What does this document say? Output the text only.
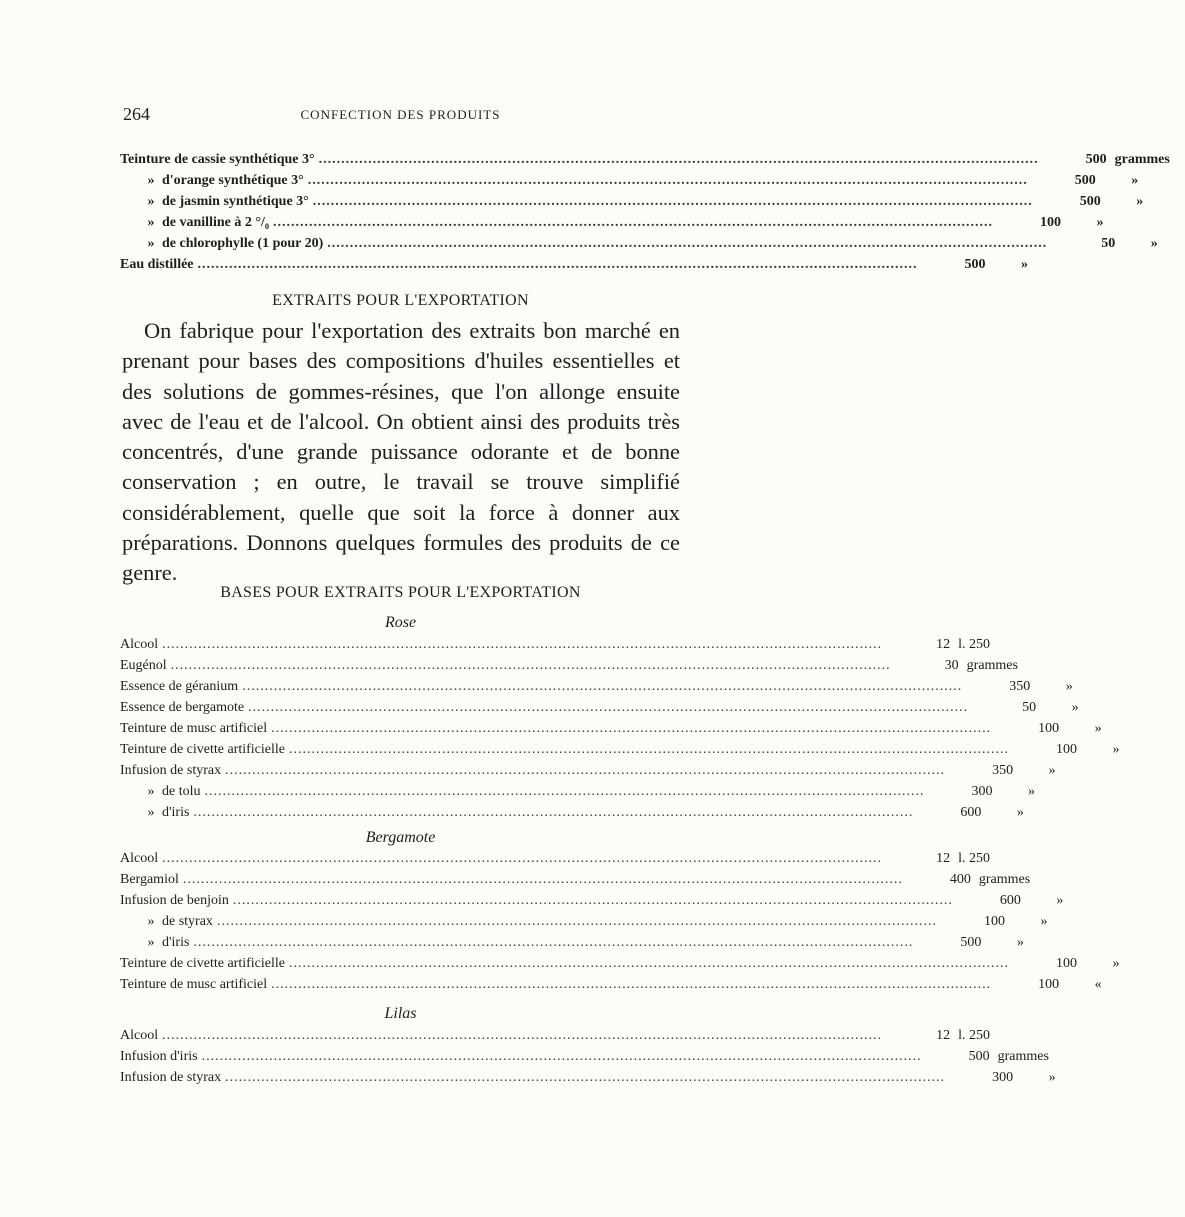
264	CONFECTION DES PRODUITS
Teinture de cassie synthétique 3° ................................................................................................................................................................	500 grammes
» d'orange synthétique 3° ................................................................................................................................................................	500	»
» de jasmin synthétique 3° ................................................................................................................................................................	500	»
» de vanilline à 2 °/₀ ................................................................................................................................................................	100	»
» de chlorophylle (1 pour 20) ................................................................................................................................................................	50	»
Eau distillée ................................................................................................................................................................	500	»
EXTRAITS POUR L'EXPORTATION
On fabrique pour l'exportation des extraits bon marché en prenant pour bases des compositions d'huiles essentielles et des solutions de gommes-résines, que l'on allonge ensuite avec de l'eau et de l'alcool. On obtient ainsi des produits très concentrés, d'une grande puissance odorante et de bonne conservation ; en outre, le travail se trouve simplifié considérablement, quelle que soit la force à donner aux préparations. Donnons quelques formules des produits de ce genre.
BASES POUR EXTRAITS POUR L'EXPORTATION
Rose
Alcool ................................................................................................................................................................	12 l. 250
Eugénol ................................................................................................................................................................	30 grammes
Essence de géranium ................................................................................................................................................................	350	»
Essence de bergamote ................................................................................................................................................................	50	»
Teinture de musc artificiel ................................................................................................................................................................	100	»
Teinture de civette artificielle ................................................................................................................................................................	100	»
Infusion de styrax ................................................................................................................................................................	350	»
» de tolu ................................................................................................................................................................	300	»
» d'iris ................................................................................................................................................................	600	»
Bergamote
Alcool ................................................................................................................................................................	12 l. 250
Bergamiol ................................................................................................................................................................	400 grammes
Infusion de benjoin ................................................................................................................................................................	600	»
» de styrax ................................................................................................................................................................	100	»
» d'iris ................................................................................................................................................................	500	»
Teinture de civette artificielle ................................................................................................................................................................	100	»
Teinture de musc artificiel ................................................................................................................................................................	100	«
Lilas
Alcool ................................................................................................................................................................	12 l. 250
Infusion d'iris ................................................................................................................................................................	500 grammes
Infusion de styrax ................................................................................................................................................................	300	»
